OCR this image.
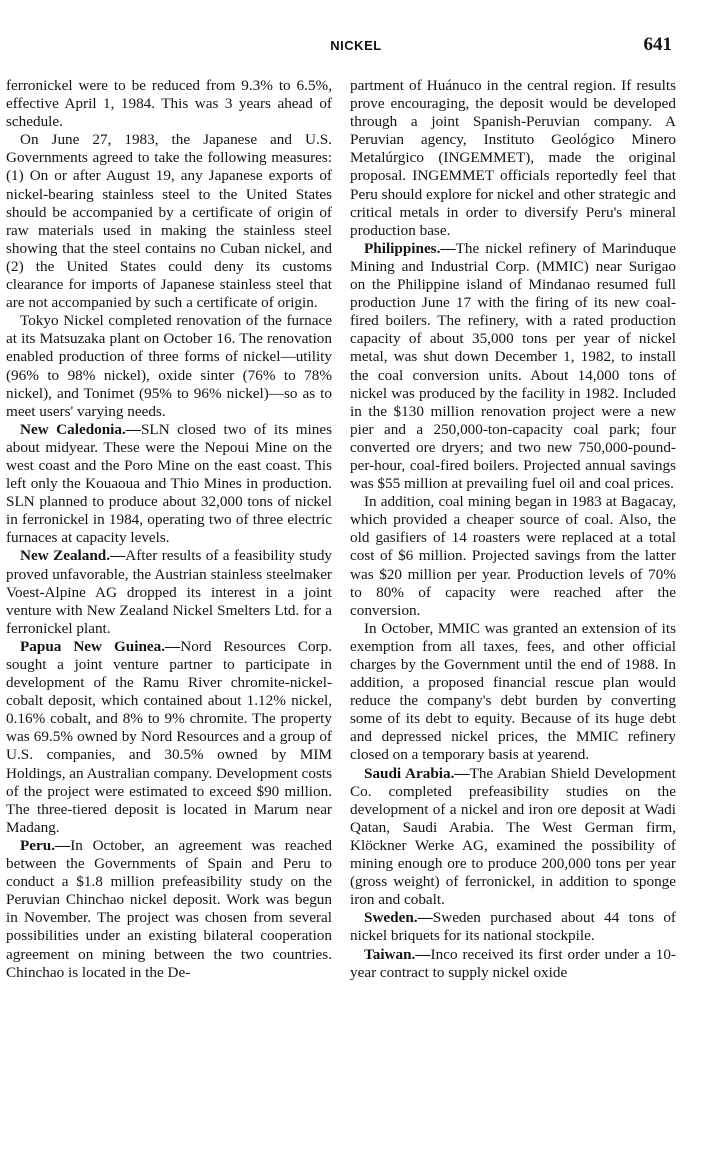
NICKEL	641

ferronickel were to be reduced from 9.3% to 6.5%, effective April 1, 1984. This was 3 years ahead of schedule.

On June 27, 1983, the Japanese and U.S. Governments agreed to take the following measures: (1) On or after August 19, any Japanese exports of nickel-bearing stainless steel to the United States should be accompanied by a certificate of origin of raw materials used in making the stainless steel showing that the steel contains no Cuban nickel, and (2) the United States could deny its customs clearance for imports of Japanese stainless steel that are not accompanied by such a certificate of origin.

Tokyo Nickel completed renovation of the furnace at its Matsuzaka plant on October 16. The renovation enabled production of three forms of nickel—utility (96% to 98% nickel), oxide sinter (76% to 78% nickel), and Tonimet (95% to 96% nickel)—so as to meet users' varying needs.

New Caledonia.—SLN closed two of its mines about midyear. These were the Nepoui Mine on the west coast and the Poro Mine on the east coast. This left only the Kouaoua and Thio Mines in production. SLN planned to produce about 32,000 tons of nickel in ferronickel in 1984, operating two of three electric furnaces at capacity levels.

New Zealand.—After results of a feasibility study proved unfavorable, the Austrian stainless steelmaker Voest-Alpine AG dropped its interest in a joint venture with New Zealand Nickel Smelters Ltd. for a ferronickel plant.

Papua New Guinea.—Nord Resources Corp. sought a joint venture partner to participate in development of the Ramu River chromite-nickel-cobalt deposit, which contained about 1.12% nickel, 0.16% cobalt, and 8% to 9% chromite. The property was 69.5% owned by Nord Resources and a group of U.S. companies, and 30.5% owned by MIM Holdings, an Australian company. Development costs of the project were estimated to exceed $90 million. The three-tiered deposit is located in Marum near Madang.

Peru.—In October, an agreement was reached between the Governments of Spain and Peru to conduct a $1.8 million prefeasibility study on the Peruvian Chinchao nickel deposit. Work was begun in November. The project was chosen from several possibilities under an existing bilateral cooperation agreement on mining between the two countries. Chinchao is located in the De-

partment of Huánuco in the central region. If results prove encouraging, the deposit would be developed through a joint Spanish-Peruvian company. A Peruvian agency, Instituto Geológico Minero Metalúrgico (INGEMMET), made the original proposal. INGEMMET officials reportedly feel that Peru should explore for nickel and other strategic and critical metals in order to diversify Peru's mineral production base.

Philippines.—The nickel refinery of Marinduque Mining and Industrial Corp. (MMIC) near Surigao on the Philippine island of Mindanao resumed full production June 17 with the firing of its new coal-fired boilers. The refinery, with a rated production capacity of about 35,000 tons per year of nickel metal, was shut down December 1, 1982, to install the coal conversion units. About 14,000 tons of nickel was produced by the facility in 1982. Included in the $130 million renovation project were a new pier and a 250,000-ton-capacity coal park; four converted ore dryers; and two new 750,000-pound-per-hour, coal-fired boilers. Projected annual savings was $55 million at prevailing fuel oil and coal prices.

In addition, coal mining began in 1983 at Bagacay, which provided a cheaper source of coal. Also, the old gasifiers of 14 roasters were replaced at a total cost of $6 million. Projected savings from the latter was $20 million per year. Production levels of 70% to 80% of capacity were reached after the conversion.

In October, MMIC was granted an extension of its exemption from all taxes, fees, and other official charges by the Government until the end of 1988. In addition, a proposed financial rescue plan would reduce the company's debt burden by converting some of its debt to equity. Because of its huge debt and depressed nickel prices, the MMIC refinery closed on a temporary basis at yearend.

Saudi Arabia.—The Arabian Shield Development Co. completed prefeasibility studies on the development of a nickel and iron ore deposit at Wadi Qatan, Saudi Arabia. The West German firm, Klöckner Werke AG, examined the possibility of mining enough ore to produce 200,000 tons per year (gross weight) of ferronickel, in addition to sponge iron and cobalt.

Sweden.—Sweden purchased about 44 tons of nickel briquets for its national stockpile.

Taiwan.—Inco received its first order under a 10-year contract to supply nickel oxide
